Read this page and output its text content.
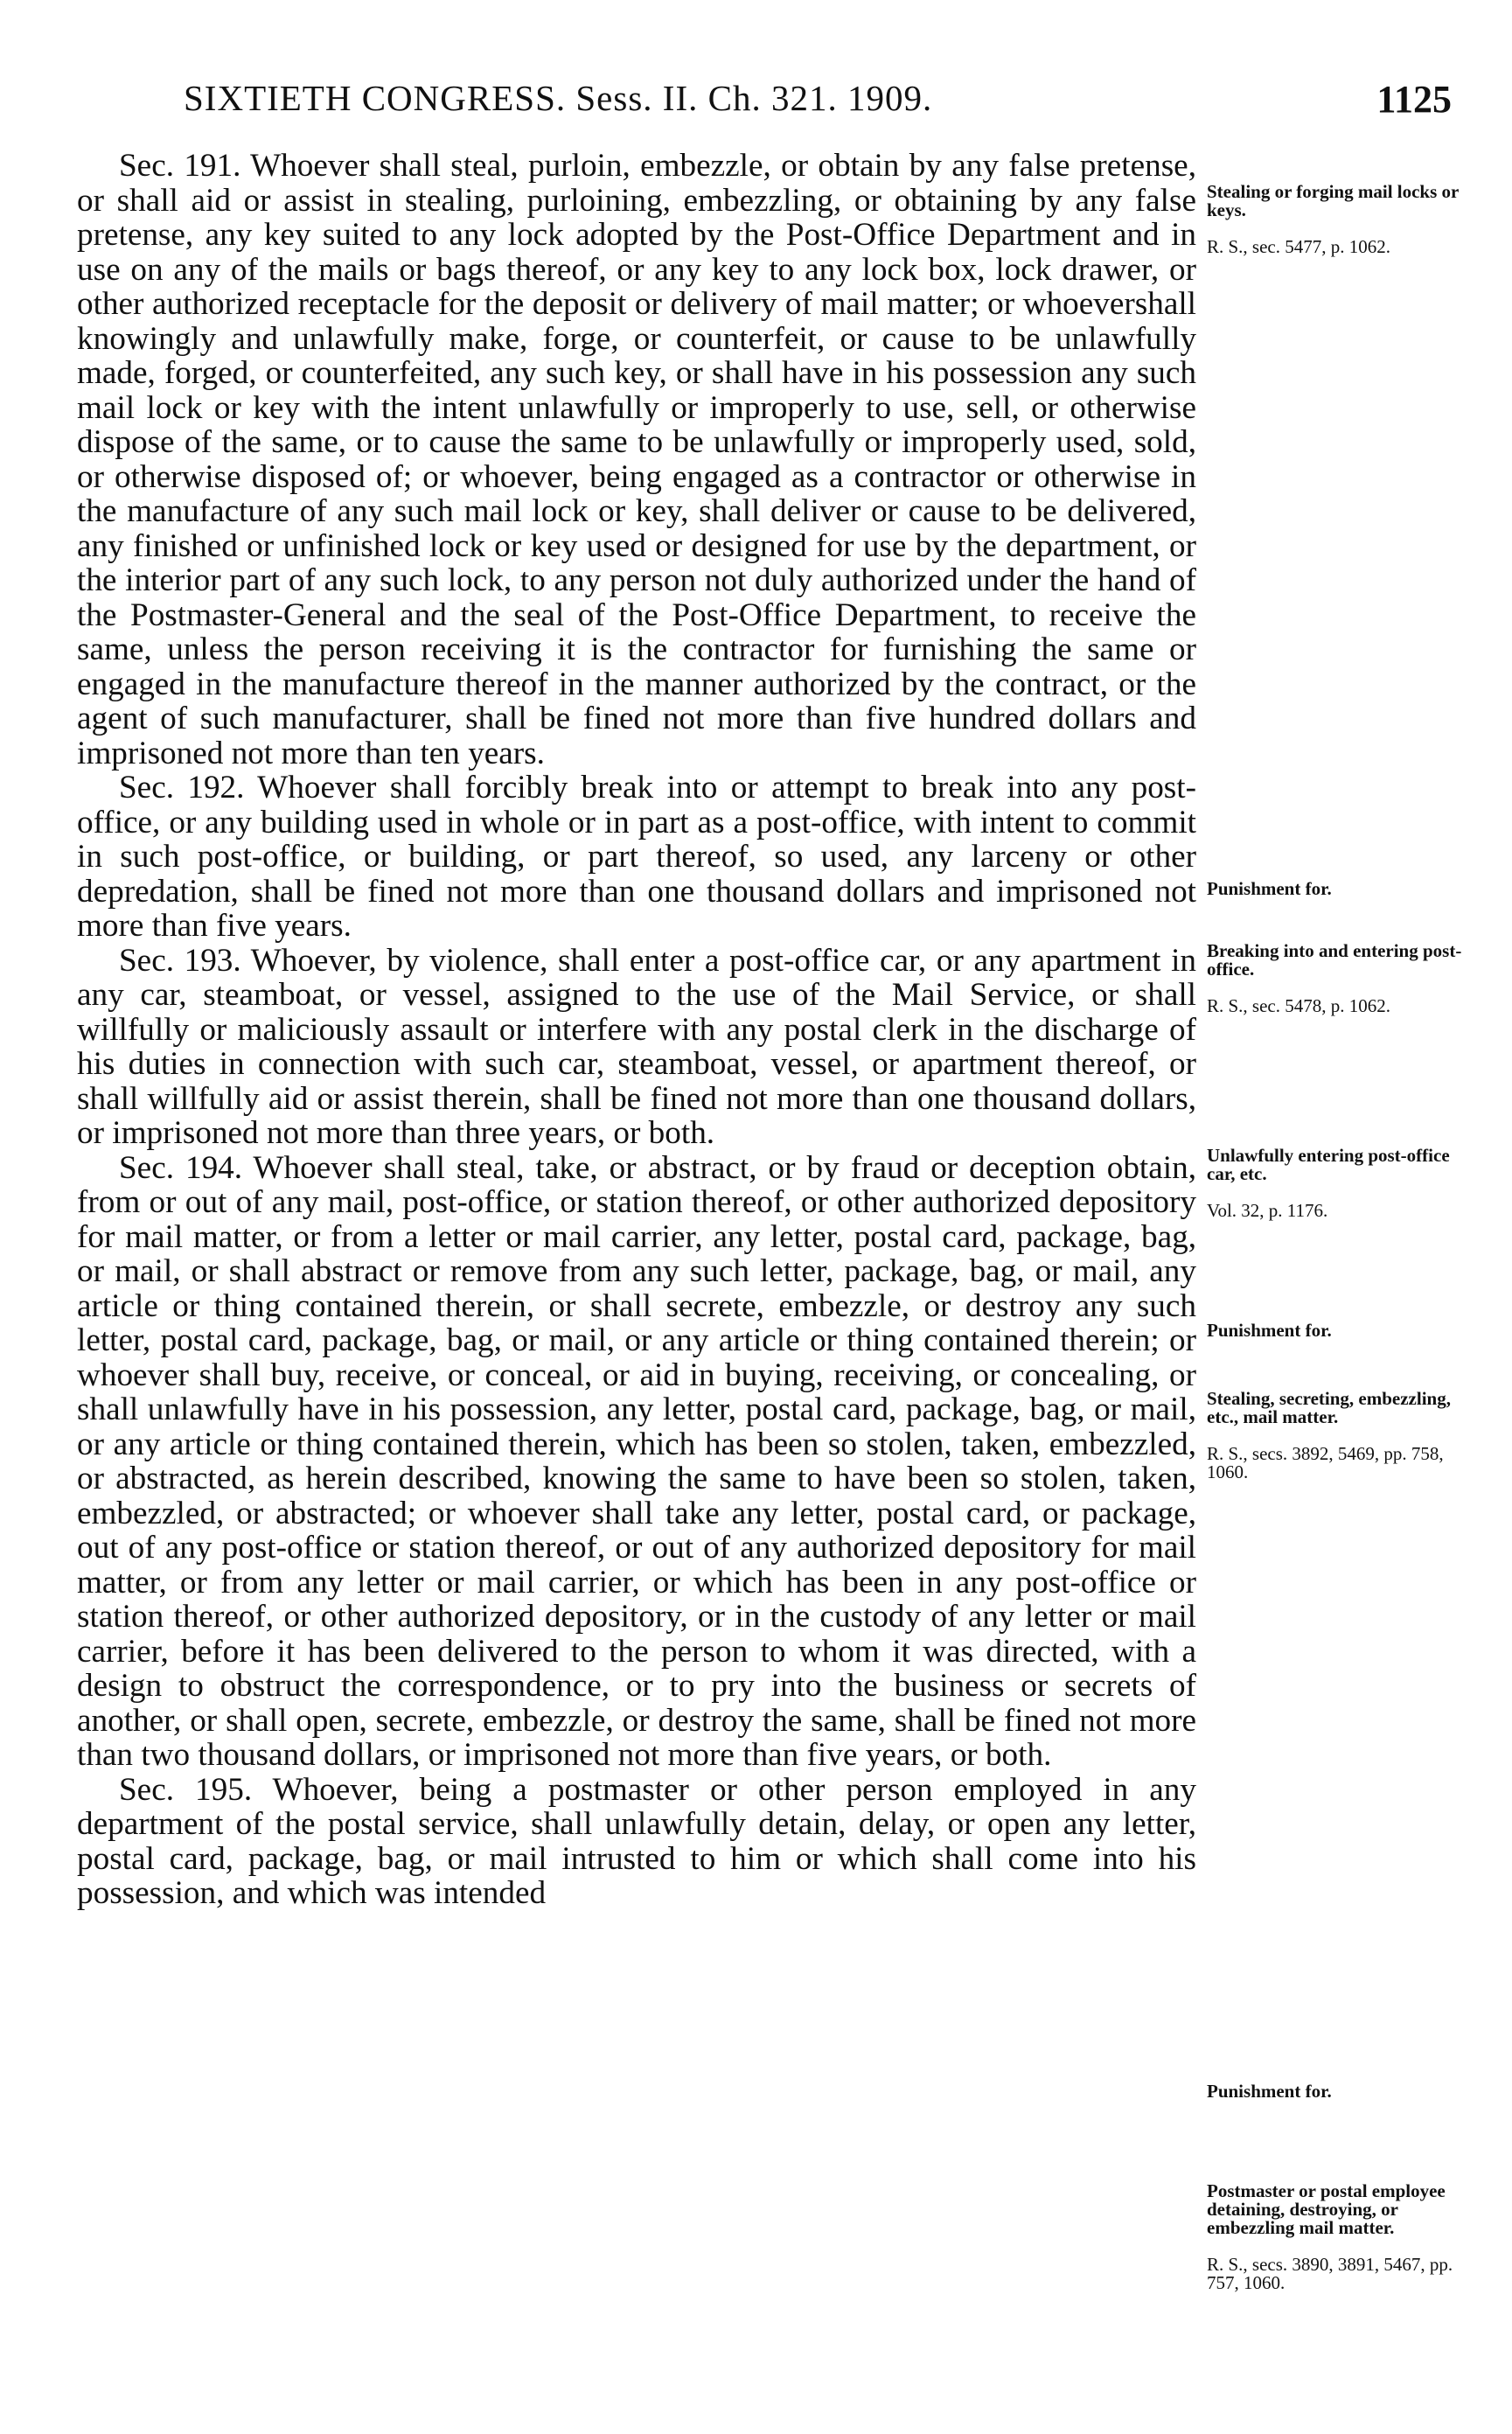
SIXTIETH CONGRESS. Sess. II. Ch. 321. 1909.	1125

Sec. 191. Whoever shall steal, purloin, embezzle, or obtain by any false pretense, or shall aid or assist in stealing, purloining, embezzling, or obtaining by any false pretense, any key suited to any lock adopted by the Post-Office Department and in use on any of the mails or bags thereof, or any key to any lock box, lock drawer, or other authorized receptacle for the deposit or delivery of mail matter; or whoevershall knowingly and unlawfully make, forge, or counterfeit, or cause to be unlawfully made, forged, or counterfeited, any such key, or shall have in his possession any such mail lock or key with the intent unlawfully or improperly to use, sell, or otherwise dispose of the same, or to cause the same to be unlawfully or improperly used, sold, or otherwise disposed of; or whoever, being engaged as a contractor or otherwise in the manufacture of any such mail lock or key, shall deliver or cause to be delivered, any finished or unfinished lock or key used or designed for use by the department, or the interior part of any such lock, to any person not duly authorized under the hand of the Postmaster-General and the seal of the Post-Office Department, to receive the same, unless the person receiving it is the contractor for furnishing the same or engaged in the manufacture thereof in the manner authorized by the contract, or the agent of such manufacturer, shall be fined not more than five hundred dollars and imprisoned not more than ten years.

Sec. 192. Whoever shall forcibly break into or attempt to break into any post-office, or any building used in whole or in part as a post-office, with intent to commit in such post-office, or building, or part thereof, so used, any larceny or other depredation, shall be fined not more than one thousand dollars and imprisoned not more than five years.

Sec. 193. Whoever, by violence, shall enter a post-office car, or any apartment in any car, steamboat, or vessel, assigned to the use of the Mail Service, or shall willfully or maliciously assault or interfere with any postal clerk in the discharge of his duties in connection with such car, steamboat, vessel, or apartment thereof, or shall willfully aid or assist therein, shall be fined not more than one thousand dollars, or imprisoned not more than three years, or both.

Sec. 194. Whoever shall steal, take, or abstract, or by fraud or deception obtain, from or out of any mail, post-office, or station thereof, or other authorized depository for mail matter, or from a letter or mail carrier, any letter, postal card, package, bag, or mail, or shall abstract or remove from any such letter, package, bag, or mail, any article or thing contained therein, or shall secrete, embezzle, or destroy any such letter, postal card, package, bag, or mail, or any article or thing contained therein; or whoever shall buy, receive, or conceal, or aid in buying, receiving, or concealing, or shall unlawfully have in his possession, any letter, postal card, package, bag, or mail, or any article or thing contained therein, which has been so stolen, taken, embezzled, or abstracted, as herein described, knowing the same to have been so stolen, taken, embezzled, or abstracted; or whoever shall take any letter, postal card, or package, out of any post-office or station thereof, or out of any authorized depository for mail matter, or from any letter or mail carrier, or which has been in any post-office or station thereof, or other authorized depository, or in the custody of any letter or mail carrier, before it has been delivered to the person to whom it was directed, with a design to obstruct the correspondence, or to pry into the business or secrets of another, or shall open, secrete, embezzle, or destroy the same, shall be fined not more than two thousand dollars, or imprisoned not more than five years, or both.

Sec. 195. Whoever, being a postmaster or other person employed in any department of the postal service, shall unlawfully detain, delay, or open any letter, postal card, package, bag, or mail intrusted to him or which shall come into his possession, and which was intended

Stealing or forging mail locks or keys.

R. S., sec. 5477, p. 1062.

Punishment for.

Breaking into and entering post-office.

R. S., sec. 5478, p. 1062.

Unlawfully entering post-office car, etc.

Vol. 32, p. 1176.

Punishment for.

Stealing, secreting, embezzling, etc., mail matter.

R. S., secs. 3892, 5469, pp. 758, 1060.

Punishment for.

Postmaster or postal employee detaining, destroying, or embezzling mail matter.

R. S., secs. 3890, 3891, 5467, pp. 757, 1060.
